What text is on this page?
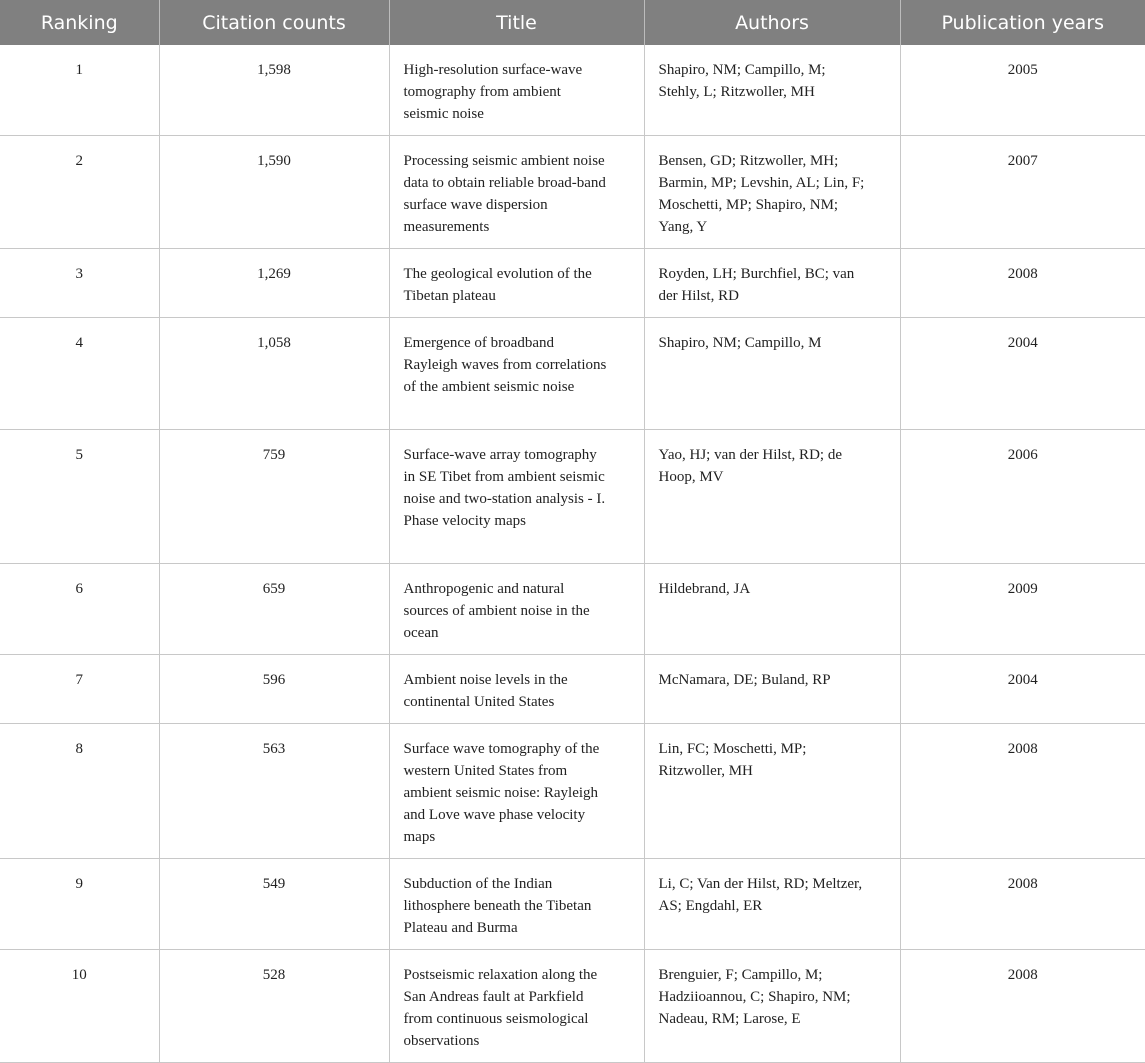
Ranking	Citation counts	Title	Authors	Publication years

1	1,598	High-resolution surface-wave tomography from ambient seismic noise	Shapiro, NM; Campillo, M; Stehly, L; Ritzwoller, MH	2005

2	1,590	Processing seismic ambient noise data to obtain reliable broad-band surface wave dispersion measurements	Bensen, GD; Ritzwoller, MH; Barmin, MP; Levshin, AL; Lin, F; Moschetti, MP; Shapiro, NM; Yang, Y	2007

3	1,269	The geological evolution of the Tibetan plateau	Royden, LH; Burchfiel, BC; van der Hilst, RD	2008

4	1,058	Emergence of broadband Rayleigh waves from correlations of the ambient seismic noise	Shapiro, NM; Campillo, M	2004

5	759	Surface-wave array tomography in SE Tibet from ambient seismic noise and two-station analysis - I. Phase velocity maps	Yao, HJ; van der Hilst, RD; de Hoop, MV	2006

6	659	Anthropogenic and natural sources of ambient noise in the ocean	Hildebrand, JA	2009

7	596	Ambient noise levels in the continental United States	McNamara, DE; Buland, RP	2004

8	563	Surface wave tomography of the western United States from ambient seismic noise: Rayleigh and Love wave phase velocity maps	Lin, FC; Moschetti, MP; Ritzwoller, MH	2008

9	549	Subduction of the Indian lithosphere beneath the Tibetan Plateau and Burma	Li, C; Van der Hilst, RD; Meltzer, AS; Engdahl, ER	2008

10	528	Postseismic relaxation along the San Andreas fault at Parkfield from continuous seismological observations	Brenguier, F; Campillo, M; Hadziioannou, C; Shapiro, NM; Nadeau, RM; Larose, E	2008
